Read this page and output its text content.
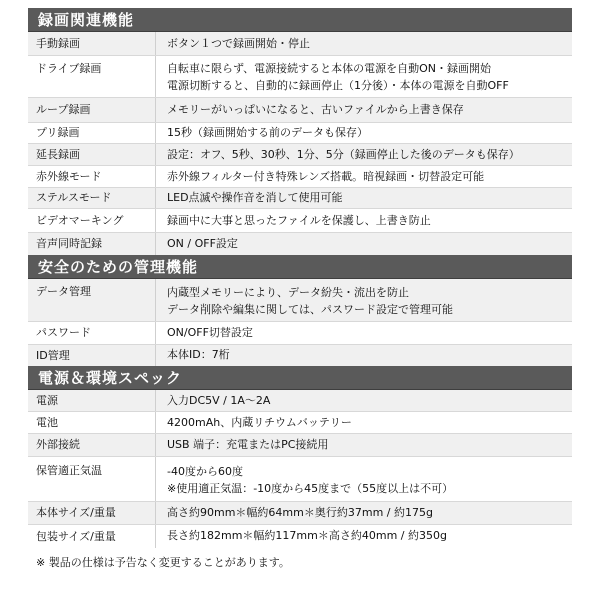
録画関連機能
手動録画	ボタン１つで録画開始・停止
ドライブ録画	自転車に限らず、電源接続すると本体の電源を自動ON・録画開始
電源切断すると、自動的に録画停止（1分後）・本体の電源を自動OFF
ループ録画	メモリーがいっぱいになると、古いファイルから上書き保存
プリ録画	15秒（録画開始する前のデータも保存）
延長録画	設定：オフ、5秒、30秒、1分、5分（録画停止した後のデータも保存）
赤外線モード	赤外線フィルター付き特殊レンズ搭載。暗視録画・切替設定可能
ステルスモード	LED点滅や操作音を消して使用可能
ビデオマーキング	録画中に大事と思ったファイルを保護し、上書き防止
音声同時記録	ON / OFF設定
安全のための管理機能
データ管理	内蔵型メモリーにより、データ紛失・流出を防止
データ削除や編集に関しては、パスワード設定で管理可能
パスワード	ON/OFF切替設定
ID管理	本体ID：7桁
電源＆環境スペック
電源	入力DC5V / 1A～2A
電池	4200mAh、内蔵リチウムバッテリー
外部接続	USB 端子：充電またはPC接続用
保管適正気温	-40度から60度
※使用適正気温：-10度から45度まで（55度以上は不可）
本体サイズ/重量	高さ約90mm＊幅約64mm＊奥行約37mm / 約175g
包装サイズ/重量	長さ約182mm＊幅約117mm＊高さ約40mm / 約350g
※ 製品の仕様は予告なく変更することがあります。
